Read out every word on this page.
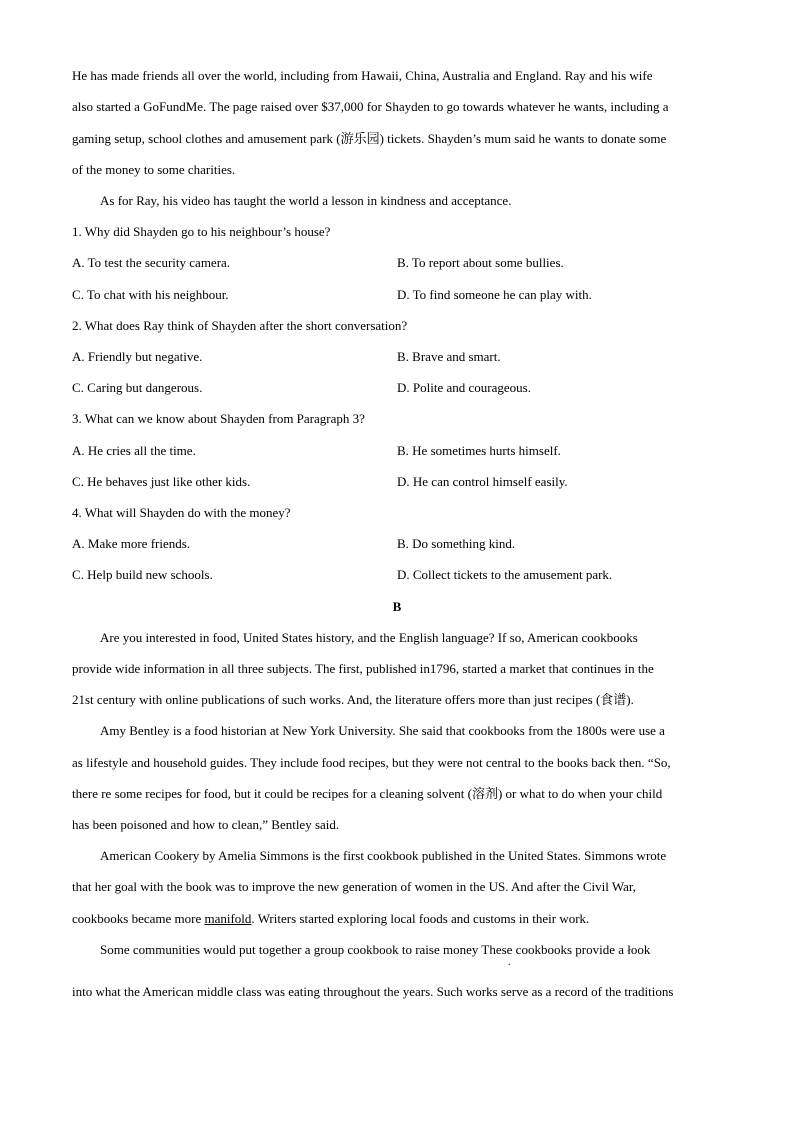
He has made friends all over the world, including from Hawaii, China, Australia and England. Ray and his wife
also started a GoFundMe. The page raised over $37,000 for Shayden to go towards whatever he wants, including a
gaming setup, school clothes and amusement park (游乐园) tickets. Shayden’s mum said he wants to donate some
of the money to some charities.
As for Ray, his video has taught the world a lesson in kindness and acceptance.
1. Why did Shayden go to his neighbour’s house?
A. To test the security camera.	B. To report about some bullies.
C. To chat with his neighbour.	D. To find someone he can play with.
2. What does Ray think of Shayden after the short conversation?
A. Friendly but negative.	B. Brave and smart.
C. Caring but dangerous.	D. Polite and courageous.
3. What can we know about Shayden from Paragraph 3?
A. He cries all the time.	B. He sometimes hurts himself.
C. He behaves just like other kids.	D. He can control himself easily.
4. What will Shayden do with the money?
A. Make more friends.	B. Do something kind.
C. Help build new schools.	D. Collect tickets to the amusement park.
B
Are you interested in food, United States history, and the English language? If so, American cookbooks
provide wide information in all three subjects. The first, published in1796, started a market that continues in the
21st century with online publications of such works. And, the literature offers more than just recipes (食谱).
Amy Bentley is a food historian at New York University. She said that cookbooks from the 1800s were use a
as lifestyle and household guides. They include food recipes, but they were not central to the books back then. “So,
there re some recipes for food, but it could be recipes for a cleaning solvent (溶剂) or what to do when your child
has been poisoned and how to clean,” Bentley said.
American Cookery by Amelia Simmons is the first cookbook published in the United States. Simmons wrote
that her goal with the book was to improve the new generation of women in the US. And after the Civil War,
cookbooks became more manifold. Writers started exploring local foods and customs in their work.
Some communities would put together a group cookbook to raise money These cookbooks provide a łook
.
into what the American middle class was eating throughout the years. Such works serve as a record of the traditions
